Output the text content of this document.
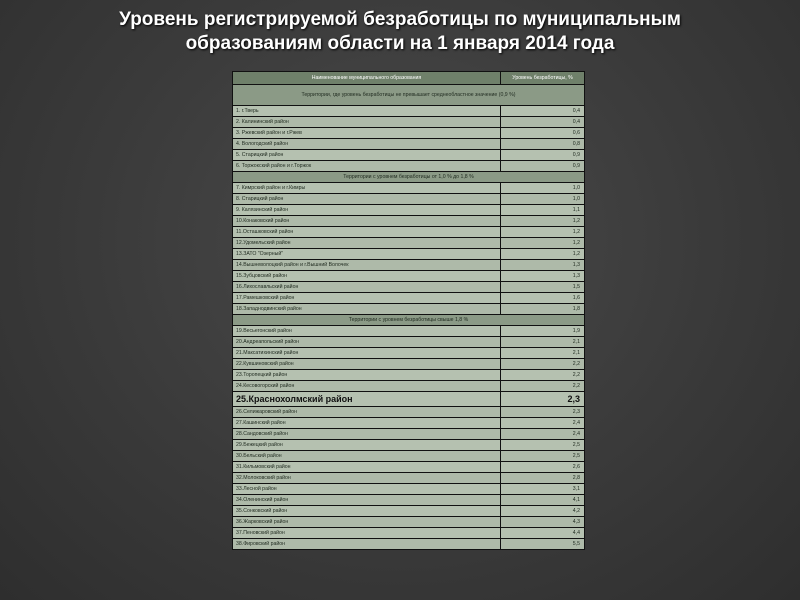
Уровень регистрируемой безработицы по муниципальным
образованиям области на 1 января 2014 года
Наименование муниципального образования	Уровень безработицы, %
Территории, где уровень безработицы не превышает среднеобластное значение (0,9 %)	
1. г.Тверь	0,4
2. Калининский район	0,4
3. Ржевский район и г.Ржев	0,6
4. Вологодский район	0,8
5. Старицкий район	0,9
6. Торжокский район и г.Торжок	0,9
Территории с уровнем безработицы от 1,0 % до 1,8 %	
7. Кимрский район и г.Кимры	1,0
8. Старицкий район	1,0
9. Калязинский район	1,1
10.Конаковский район	1,2
11.Осташковский район	1,2
12.Удомельский район	1,2
13.ЗАТО "Озерный"	1,2
14.Вышневолоцкий район и г.Вышний Волочек	1,3
15.Зубцовский район	1,3
16.Лихославльский район	1,5
17.Рамешковский район	1,6
18.Западнодвинский район	1,8
Территории с уровнем безработицы свыше 1,8 %	
19.Весьегонский район	1,9
20.Андреапольский район	2,1
21.Максатихинский район	2,1
22.Кувшиновский район	2,2
23.Торопецкий район	2,2
24.Кесовогорский район	2,2
25.Краснохолмский район	2,3
26.Селижаровский район	2,3
27.Кашинский район	2,4
28.Сандовский район	2,4
29.Бежецкий район	2,5
30.Бельский район	2,5
31.Кильмовский район	2,6
32.Молоковский район	2,8
33.Лесной район	3,1
34.Оленинский район	4,1
35.Сонковский район	4,2
36.Жарковский район	4,3
37.Пеновский район	4,4
38.Фировский район	5,5
